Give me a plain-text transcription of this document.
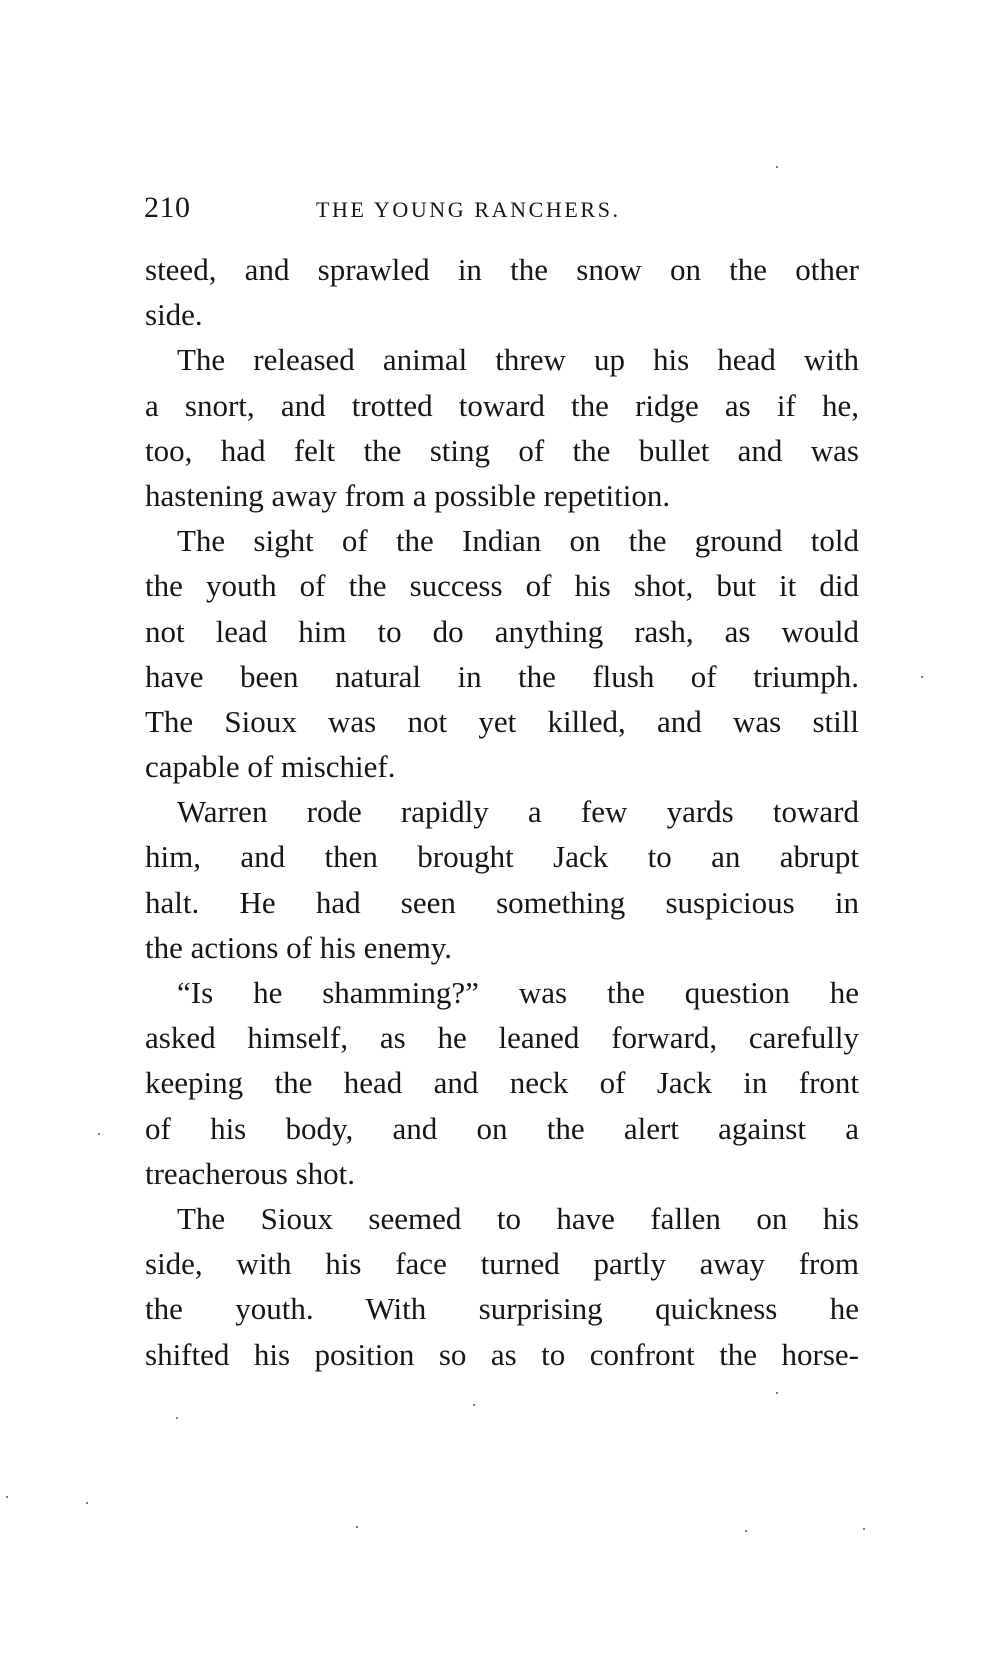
210	THE YOUNG RANCHERS.
steed, and sprawled in the snow on the other
side.
The released animal threw up his head with
a snort, and trotted toward the ridge as if he,
too, had felt the sting of the bullet and was
hastening away from a possible repetition.
The sight of the Indian on the ground told
the youth of the success of his shot, but it did
not lead him to do anything rash, as would
have been natural in the flush of triumph.
The Sioux was not yet killed, and was still
capable of mischief.
Warren rode rapidly a few yards toward
him, and then brought Jack to an abrupt
halt. He had seen something suspicious in
the actions of his enemy.
“Is he shamming?” was the question he
asked himself, as he leaned forward, carefully
keeping the head and neck of Jack in front
of his body, and on the alert against a
treacherous shot.
The Sioux seemed to have fallen on his
side, with his face turned partly away from
the youth. With surprising quickness he
shifted his position so as to confront the horse-
